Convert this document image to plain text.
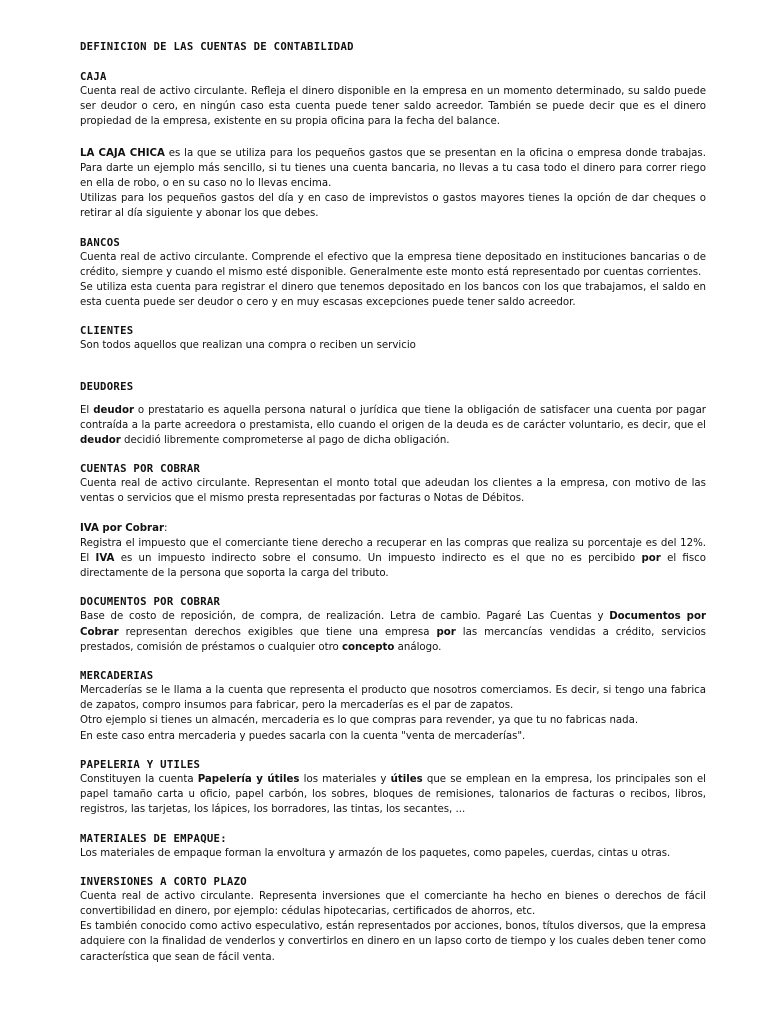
DEFINICION DE LAS CUENTAS DE CONTABILIDAD
CAJA

Cuenta real de activo circulante. Refleja el dinero disponible en la empresa en un momento determinado, su saldo puede ser deudor o cero, en ningún caso esta cuenta puede tener saldo acreedor. También se puede decir que es el dinero propiedad de la empresa, existente en su propia oficina para la fecha del balance.

LA CAJA CHICA es la que se utiliza para los pequeños gastos que se presentan en la oficina o empresa donde trabajas. Para darte un ejemplo más sencillo, si tu tienes una cuenta bancaria, no llevas a tu casa todo el dinero para correr riego en ella de robo, o en su caso no lo llevas encima.

Utilizas para los pequeños gastos del día y en caso de imprevistos o gastos mayores tienes la opción de dar cheques o retirar al día siguiente y abonar los que debes.

BANCOS

Cuenta real de activo circulante. Comprende el efectivo que la empresa tiene depositado en instituciones bancarias o de crédito, siempre y cuando el mismo esté disponible. Generalmente este monto está representado por cuentas corrientes.

Se utiliza esta cuenta para registrar el dinero que tenemos depositado en los bancos con los que trabajamos, el saldo en esta cuenta puede ser deudor o cero y en muy escasas excepciones puede tener saldo acreedor.

CLIENTES

Son todos aquellos que realizan una compra o reciben un servicio

DEUDORES

El deudor o prestatario es aquella persona natural o jurídica que tiene la obligación de satisfacer una cuenta por pagar contraída a la parte acreedora o prestamista, ello cuando el origen de la deuda es de carácter voluntario, es decir, que el deudor decidió libremente comprometerse al pago de dicha obligación.

CUENTAS POR COBRAR

Cuenta real de activo circulante. Representan el monto total que adeudan los clientes a la empresa, con motivo de las ventas o servicios que el mismo presta representadas por facturas o Notas de Débitos.

IVA por Cobrar:

Registra el impuesto que el comerciante tiene derecho a recuperar en las compras que realiza su porcentaje es del 12%. El IVA es un impuesto indirecto sobre el consumo. Un impuesto indirecto es el que no es percibido por el fisco directamente de la persona que soporta la carga del tributo.

DOCUMENTOS POR COBRAR

Base de costo de reposición, de compra, de realización. Letra de cambio. Pagaré Las Cuentas y Documentos por Cobrar representan derechos exigibles que tiene una empresa por las mercancías vendidas a crédito, servicios prestados, comisión de préstamos o cualquier otro concepto análogo.

MERCADERIAS

Mercaderías se le llama a la cuenta que representa el producto que nosotros comerciamos. Es decir, si tengo una fabrica de zapatos, compro insumos para fabricar, pero la mercaderías es el par de zapatos.

Otro ejemplo si tienes un almacén, mercaderia es lo que compras para revender, ya que tu no fabricas nada.

En este caso entra mercaderia y puedes sacarla con la cuenta "venta de mercaderías".

PAPELERIA Y UTILES

Constituyen la cuenta Papelería y útiles los materiales y útiles que se emplean en la empresa, los principales son el papel tamaño carta u oficio, papel carbón, los sobres, bloques de remisiones, talonarios de facturas o recibos, libros, registros, las tarjetas, los lápices, los borradores, las tintas, los secantes, ...

MATERIALES DE EMPAQUE:

Los materiales de empaque forman la envoltura y armazón de los paquetes, como papeles, cuerdas, cintas u otras.

INVERSIONES A CORTO PLAZO

Cuenta real de activo circulante. Representa inversiones que el comerciante ha hecho en bienes o derechos de fácil convertibilidad en dinero, por ejemplo: cédulas hipotecarias, certificados de ahorros, etc.

Es también conocido como activo especulativo, están representados por acciones, bonos, títulos diversos, que la empresa adquiere con la finalidad de venderlos y convertirlos en dinero en un lapso corto de tiempo y los cuales deben tener como característica que sean de fácil venta.
